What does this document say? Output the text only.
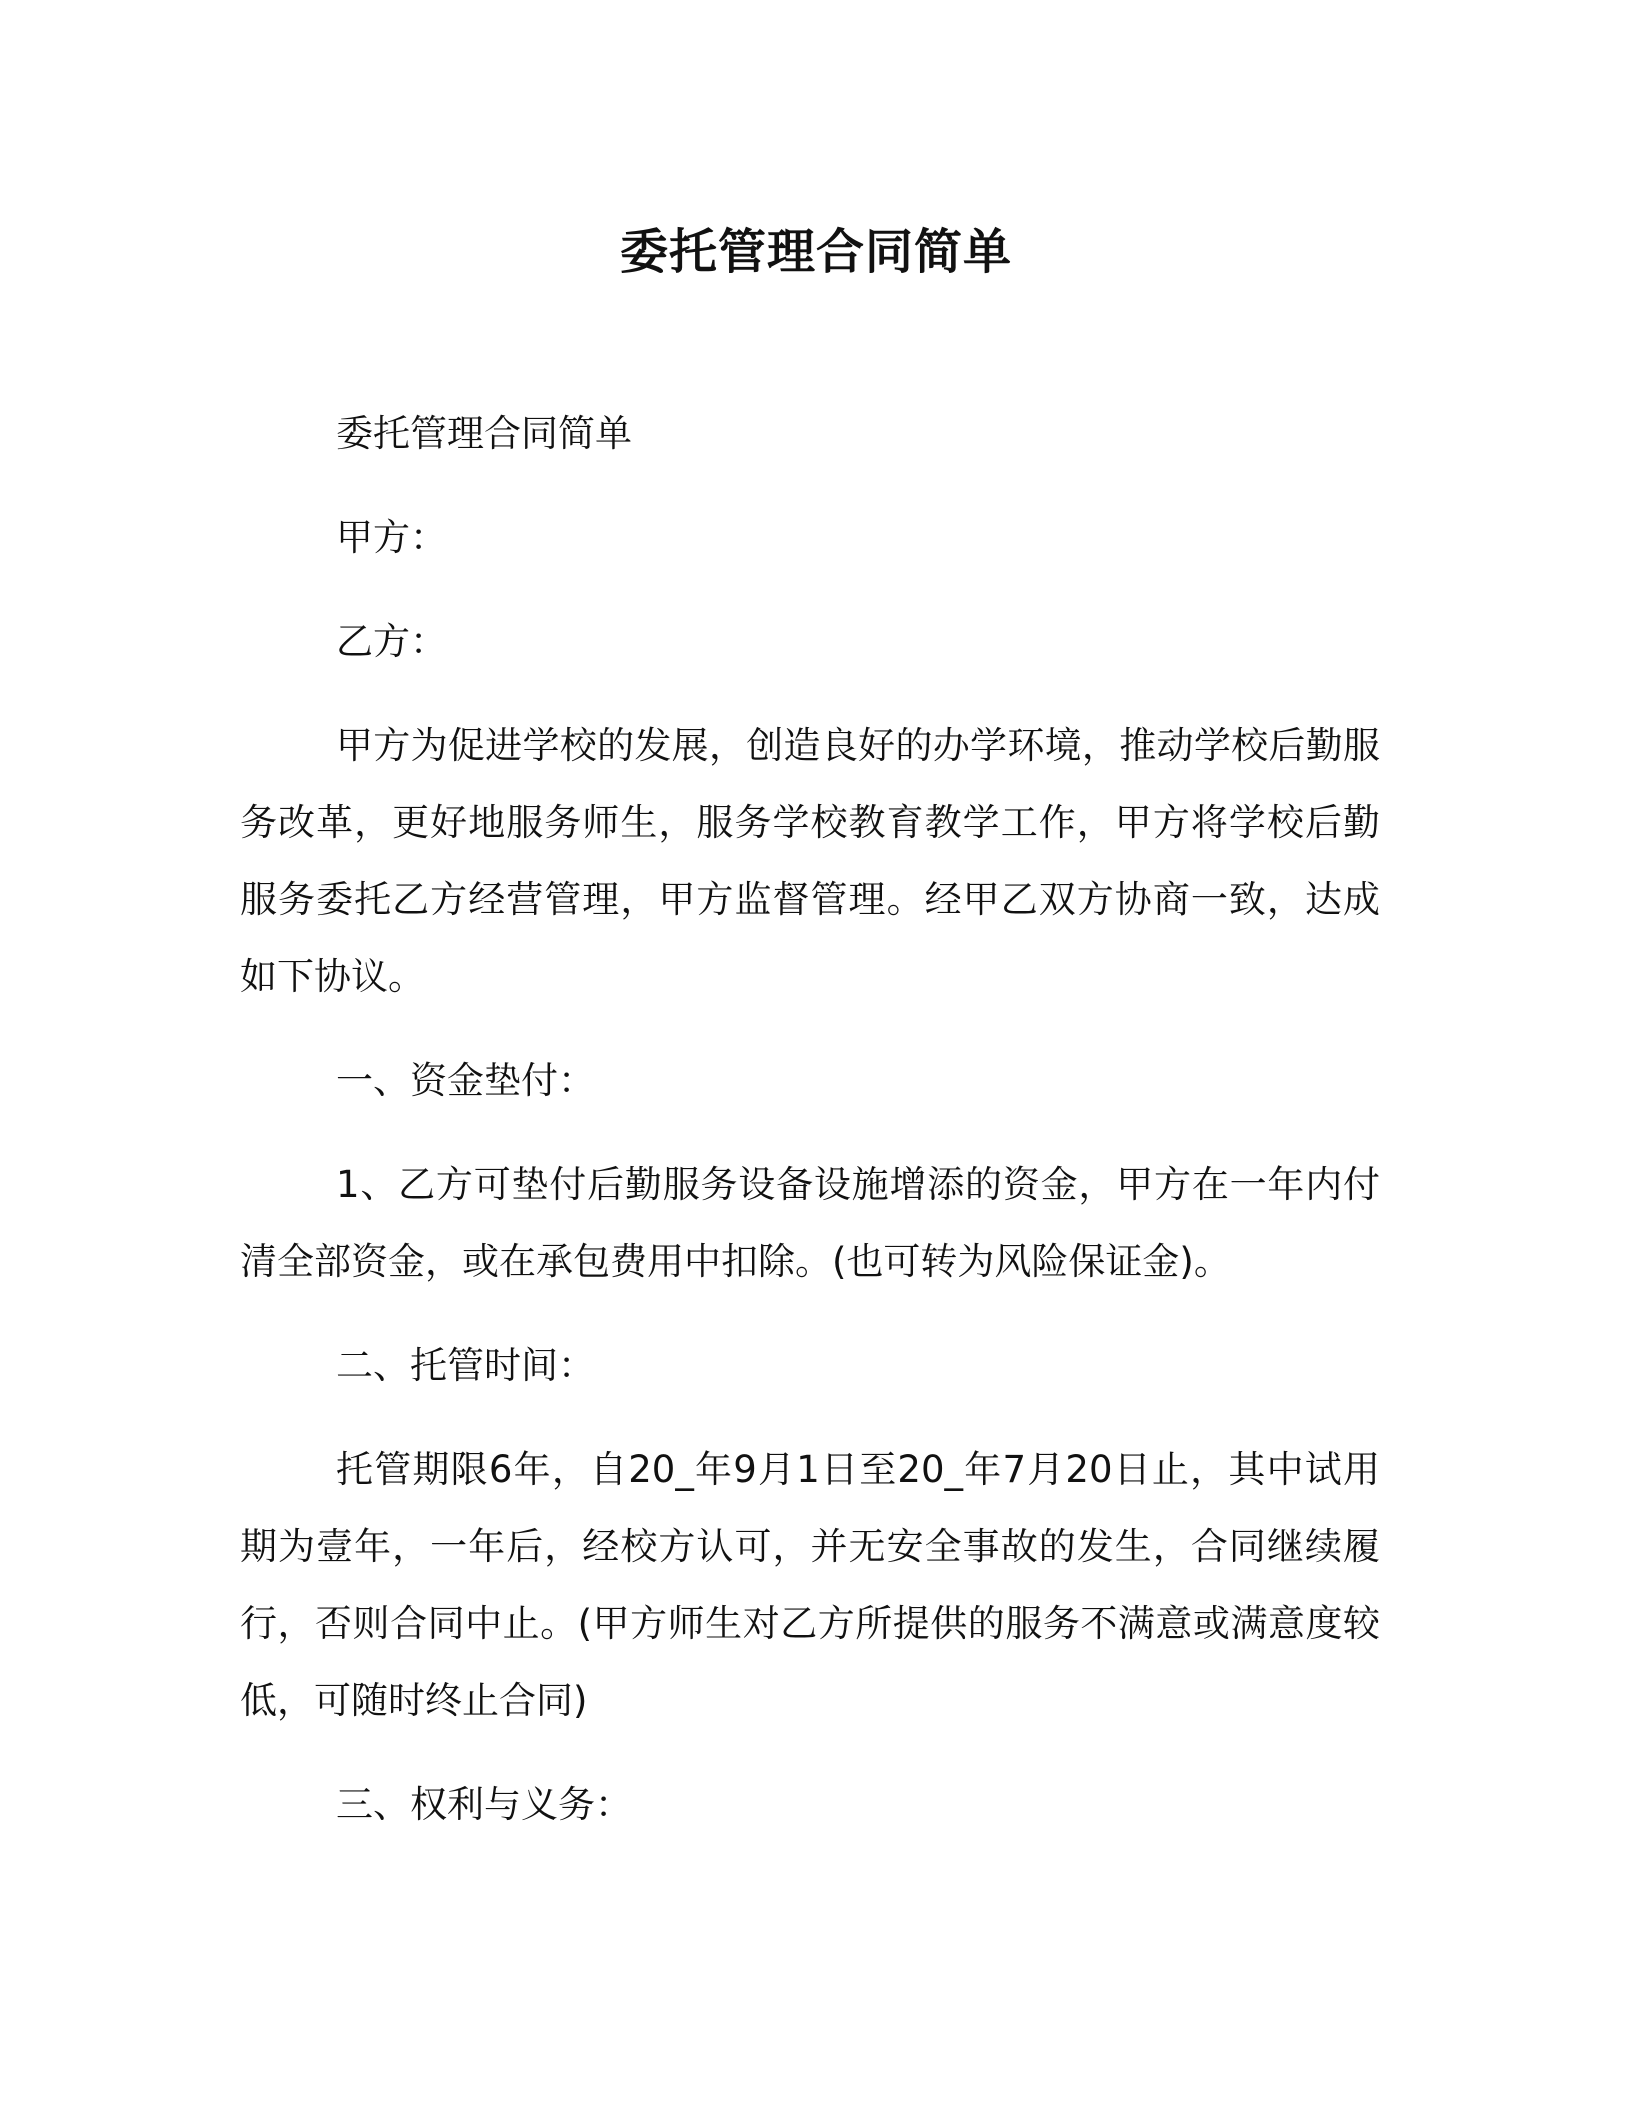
委托管理合同简单

委托管理合同简单

甲方：

乙方：

甲方为促进学校的发展，创造良好的办学环境，推动学校后勤服务改革，更好地服务师生，服务学校教育教学工作，甲方将学校后勤服务委托乙方经营管理，甲方监督管理。经甲乙双方协商一致，达成如下协议。

一、资金垫付：

1、乙方可垫付后勤服务设备设施增添的资金，甲方在一年内付清全部资金，或在承包费用中扣除。(也可转为风险保证金)。

二、托管时间：

托管期限6年，自20_年9月1日至20_年7月20日止，其中试用期为壹年，一年后，经校方认可，并无安全事故的发生，合同继续履行，否则合同中止。(甲方师生对乙方所提供的服务不满意或满意度较低，可随时终止合同)

三、权利与义务：
